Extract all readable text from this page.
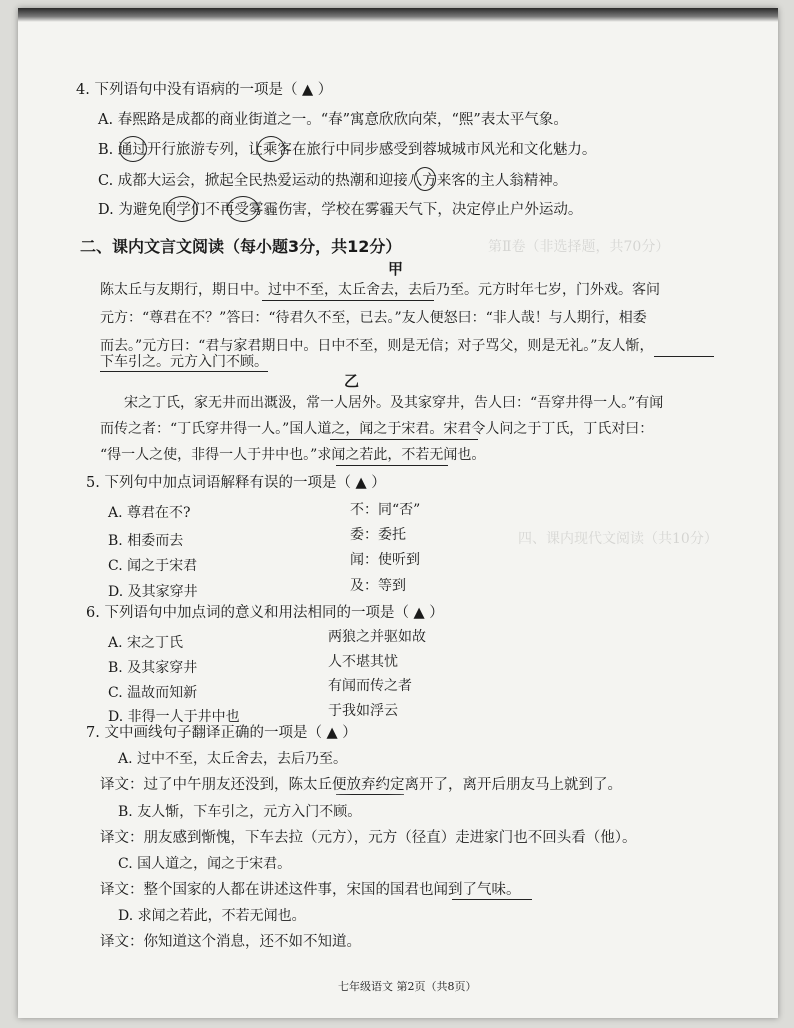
第Ⅱ卷（非选择题，共70分）
四、课内现代文阅读（共10分）
4. 下列语句中没有语病的一项是（ ▲ ）
A. 春熙路是成都的商业街道之一。“春”寓意欣欣向荣，“熙”表太平气象。
B. 通过开行旅游专列，让乘客在旅行中同步感受到蓉城城市风光和文化魅力。
C. 成都大运会，掀起全民热爱运动的热潮和迎接八方来客的主人翁精神。
D. 为避免同学们不再受雾霾伤害，学校在雾霾天气下，决定停止户外运动。
二、课内文言文阅读（每小题3分，共12分）
甲
陈太丘与友期行，期日中。过中不至，太丘舍去，去后乃至。元方时年七岁，门外戏。客问
元方：“尊君在不？”答曰：“待君久不至，已去。”友人便怒曰：“非人哉！与人期行，相委
而去。”元方曰：“君与家君期日中。日中不至，则是无信；对子骂父，则是无礼。”友人惭，
下车引之。元方入门不顾。
乙
宋之丁氏，家无井而出溉汲，常一人居外。及其家穿井，告人曰：“吾穿井得一人。”有闻
而传之者：“丁氏穿井得一人。”国人道之，闻之于宋君。宋君令人问之于丁氏，丁氏对曰：
“得一人之使，非得一人于井中也。”求闻之若此，不若无闻也。
5. 下列句中加点词语解释有误的一项是（ ▲ ）
A. 尊君在不?	不：同“否”
B. 相委而去	委：委托
C. 闻之于宋君	闻：使听到
D. 及其家穿井	及：等到
6. 下列语句中加点词的意义和用法相同的一项是（ ▲ ）
A. 宋之丁氏	两狼之并驱如故
B. 及其家穿井	人不堪其忧
C. 温故而知新	有闻而传之者
D. 非得一人于井中也	于我如浮云
7. 文中画线句子翻译正确的一项是（ ▲ ）
A. 过中不至，太丘舍去，去后乃至。
译文：过了中午朋友还没到，陈太丘便放弃约定离开了，离开后朋友马上就到了。
B. 友人惭，下车引之，元方入门不顾。
译文：朋友感到惭愧，下车去拉（元方），元方（径直）走进家门也不回头看（他）。
C. 国人道之，闻之于宋君。
译文：整个国家的人都在讲述这件事，宋国的国君也闻到了气味。
D. 求闻之若此，不若无闻也。
译文：你知道这个消息，还不如不知道。
七年级语文 第2页（共8页）
